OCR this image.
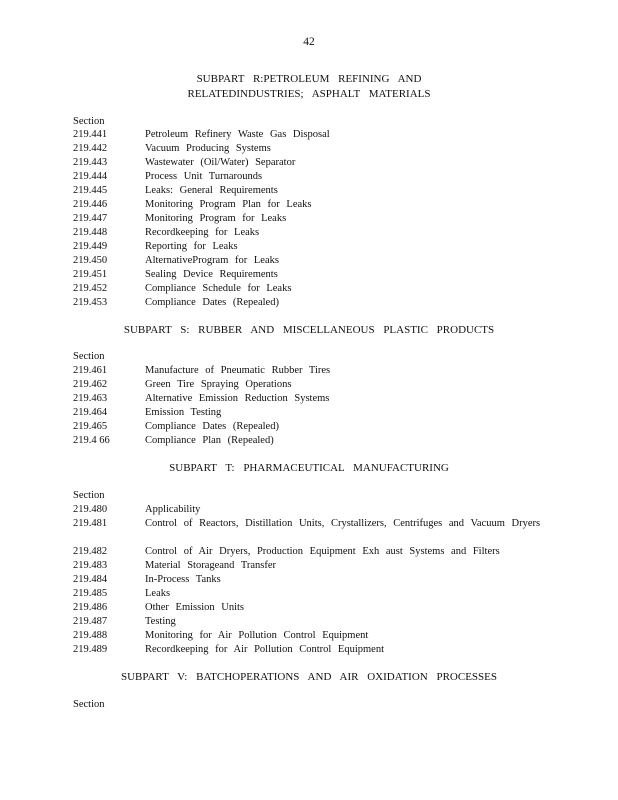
42
SUBPART R:PETROLEUM REFINING AND
RELATEDINDUSTRIES; ASPHALT MATERIALS
Section
219.441	Petroleum Refinery Waste Gas Disposal
219.442	Vacuum Producing Systems
219.443	Wastewater (Oil/Water) Separator
219.444	Process Unit Turnarounds
219.445	Leaks: General Requirements
219.446	Monitoring Program Plan for Leaks
219.447	Monitoring Program for Leaks
219.448	Recordkeeping for Leaks
219.449	Reporting for Leaks
219.450	AlternativeProgram for Leaks
219.451	Sealing Device Requirements
219.452	Compliance Schedule for Leaks
219.453	Compliance Dates (Repealed)
SUBPART S: RUBBER AND MISCELLANEOUS PLASTIC PRODUCTS
Section
219.461	Manufacture of Pneumatic Rubber Tires
219.462	Green Tire Spraying Operations
219.463	Alternative Emission Reduction Systems
219.464	Emission Testing
219.465	Compliance Dates (Repealed)
219.4 66	Compliance Plan (Repealed)
SUBPART T: PHARMACEUTICAL MANUFACTURING
Section
219.480	Applicability
219.481	Control of Reactors, Distillation Units, Crystallizers, Centrifuges and Vacuum Dryers
219.482	Control of Air Dryers, Production Equipment Exh aust Systems and Filters
219.483	Material Storageand Transfer
219.484	In-Process Tanks
219.485	Leaks
219.486	Other Emission Units
219.487	Testing
219.488	Monitoring for Air Pollution Control Equipment
219.489	Recordkeeping for Air Pollution Control Equipment
SUBPART V: BATCHOPERATIONS AND AIR OXIDATION PROCESSES
Section
